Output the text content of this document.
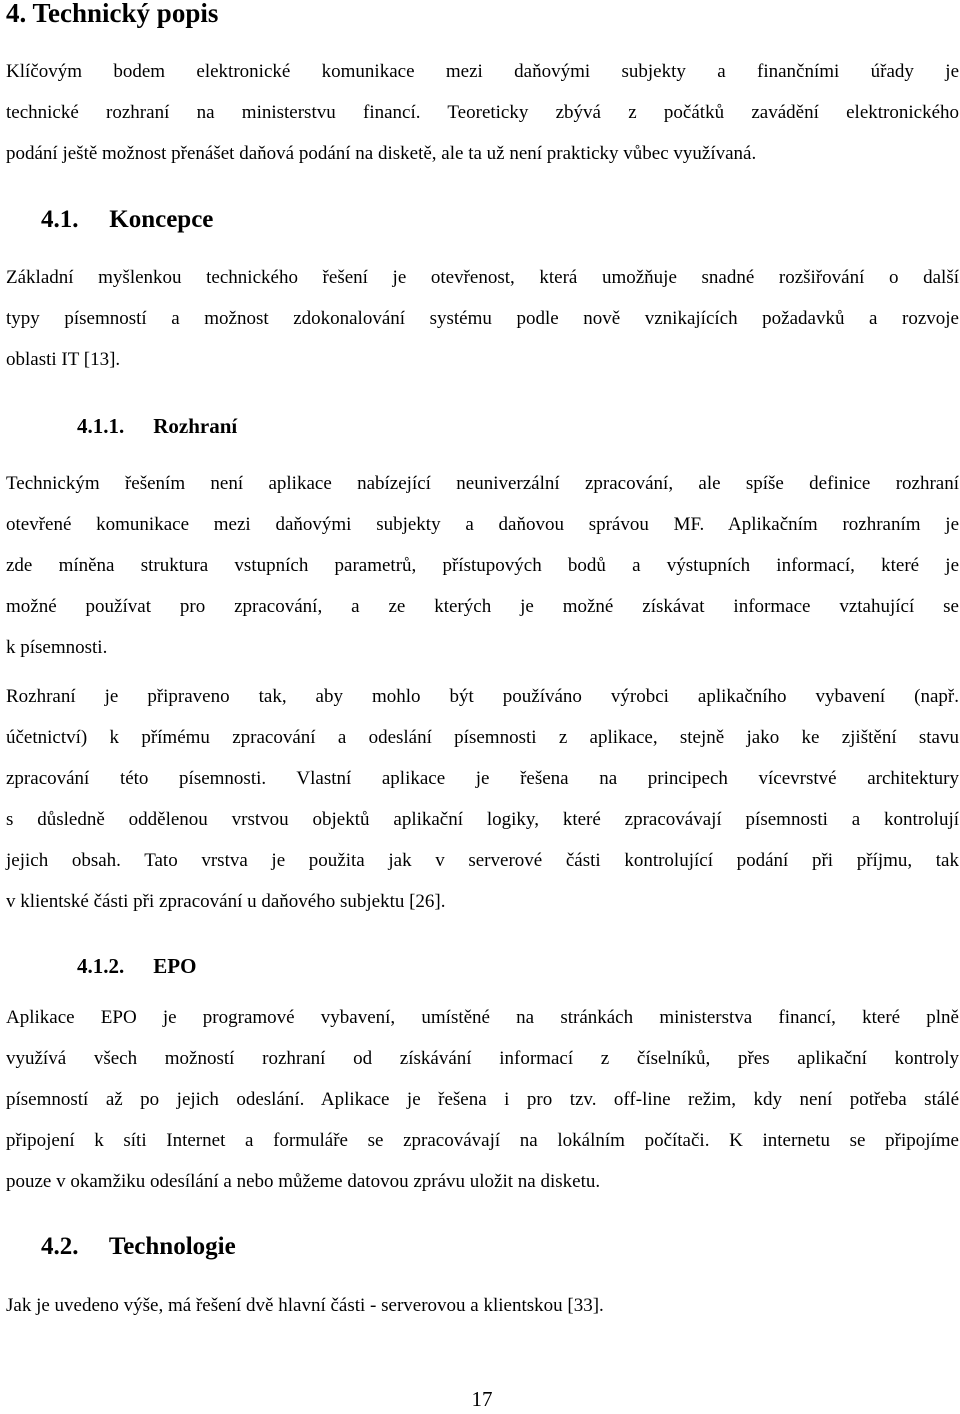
4. Technický popis
Klíčovým bodem elektronické komunikace mezi daňovými subjekty a finančními úřady je
technické rozhraní na ministerstvu financí. Teoreticky zbývá z počátků zavádění elektronického
podání ještě možnost přenášet daňová podání na disketě, ale ta už není prakticky vůbec využívaná.
4.1. Koncepce
Základní myšlenkou technického řešení je otevřenost, která umožňuje snadné rozšiřování o další
typy písemností a možnost zdokonalování systému podle nově vznikajících požadavků a rozvoje
oblasti IT [13].
4.1.1. Rozhraní
Technickým řešením není aplikace nabízející neuniverzální zpracování, ale spíše definice rozhraní
otevřené komunikace mezi daňovými subjekty a daňovou správou MF. Aplikačním rozhraním je
zde míněna struktura vstupních parametrů, přístupových bodů a výstupních informací, které je
možné používat pro zpracování, a ze kterých je možné získávat informace vztahující se
k písemnosti.
Rozhraní je připraveno tak, aby mohlo být používáno výrobci aplikačního vybavení (např.
účetnictví) k přímému zpracování a odeslání písemnosti z aplikace, stejně jako ke zjištění stavu
zpracování této písemnosti. Vlastní aplikace je řešena na principech vícevrstvé architektury
s důsledně oddělenou vrstvou objektů aplikační logiky, které zpracovávají písemnosti a kontrolují
jejich obsah. Tato vrstva je použita jak v serverové části kontrolující podání při příjmu, tak
v klientské části při zpracování u daňového subjektu [26].
4.1.2. EPO
Aplikace EPO je programové vybavení, umístěné na stránkách ministerstva financí, které plně
využívá všech možností rozhraní od získávání informací z číselníků, přes aplikační kontroly
písemností až po jejich odeslání. Aplikace je řešena i pro tzv. off-line režim, kdy není potřeba stálé
připojení k síti Internet a formuláře se zpracovávají na lokálním počítači. K internetu se připojíme
pouze v okamžiku odesílání a nebo můžeme datovou zprávu uložit na disketu.
4.2. Technologie
Jak je uvedeno výše, má řešení dvě hlavní části - serverovou a klientskou [33].
17
